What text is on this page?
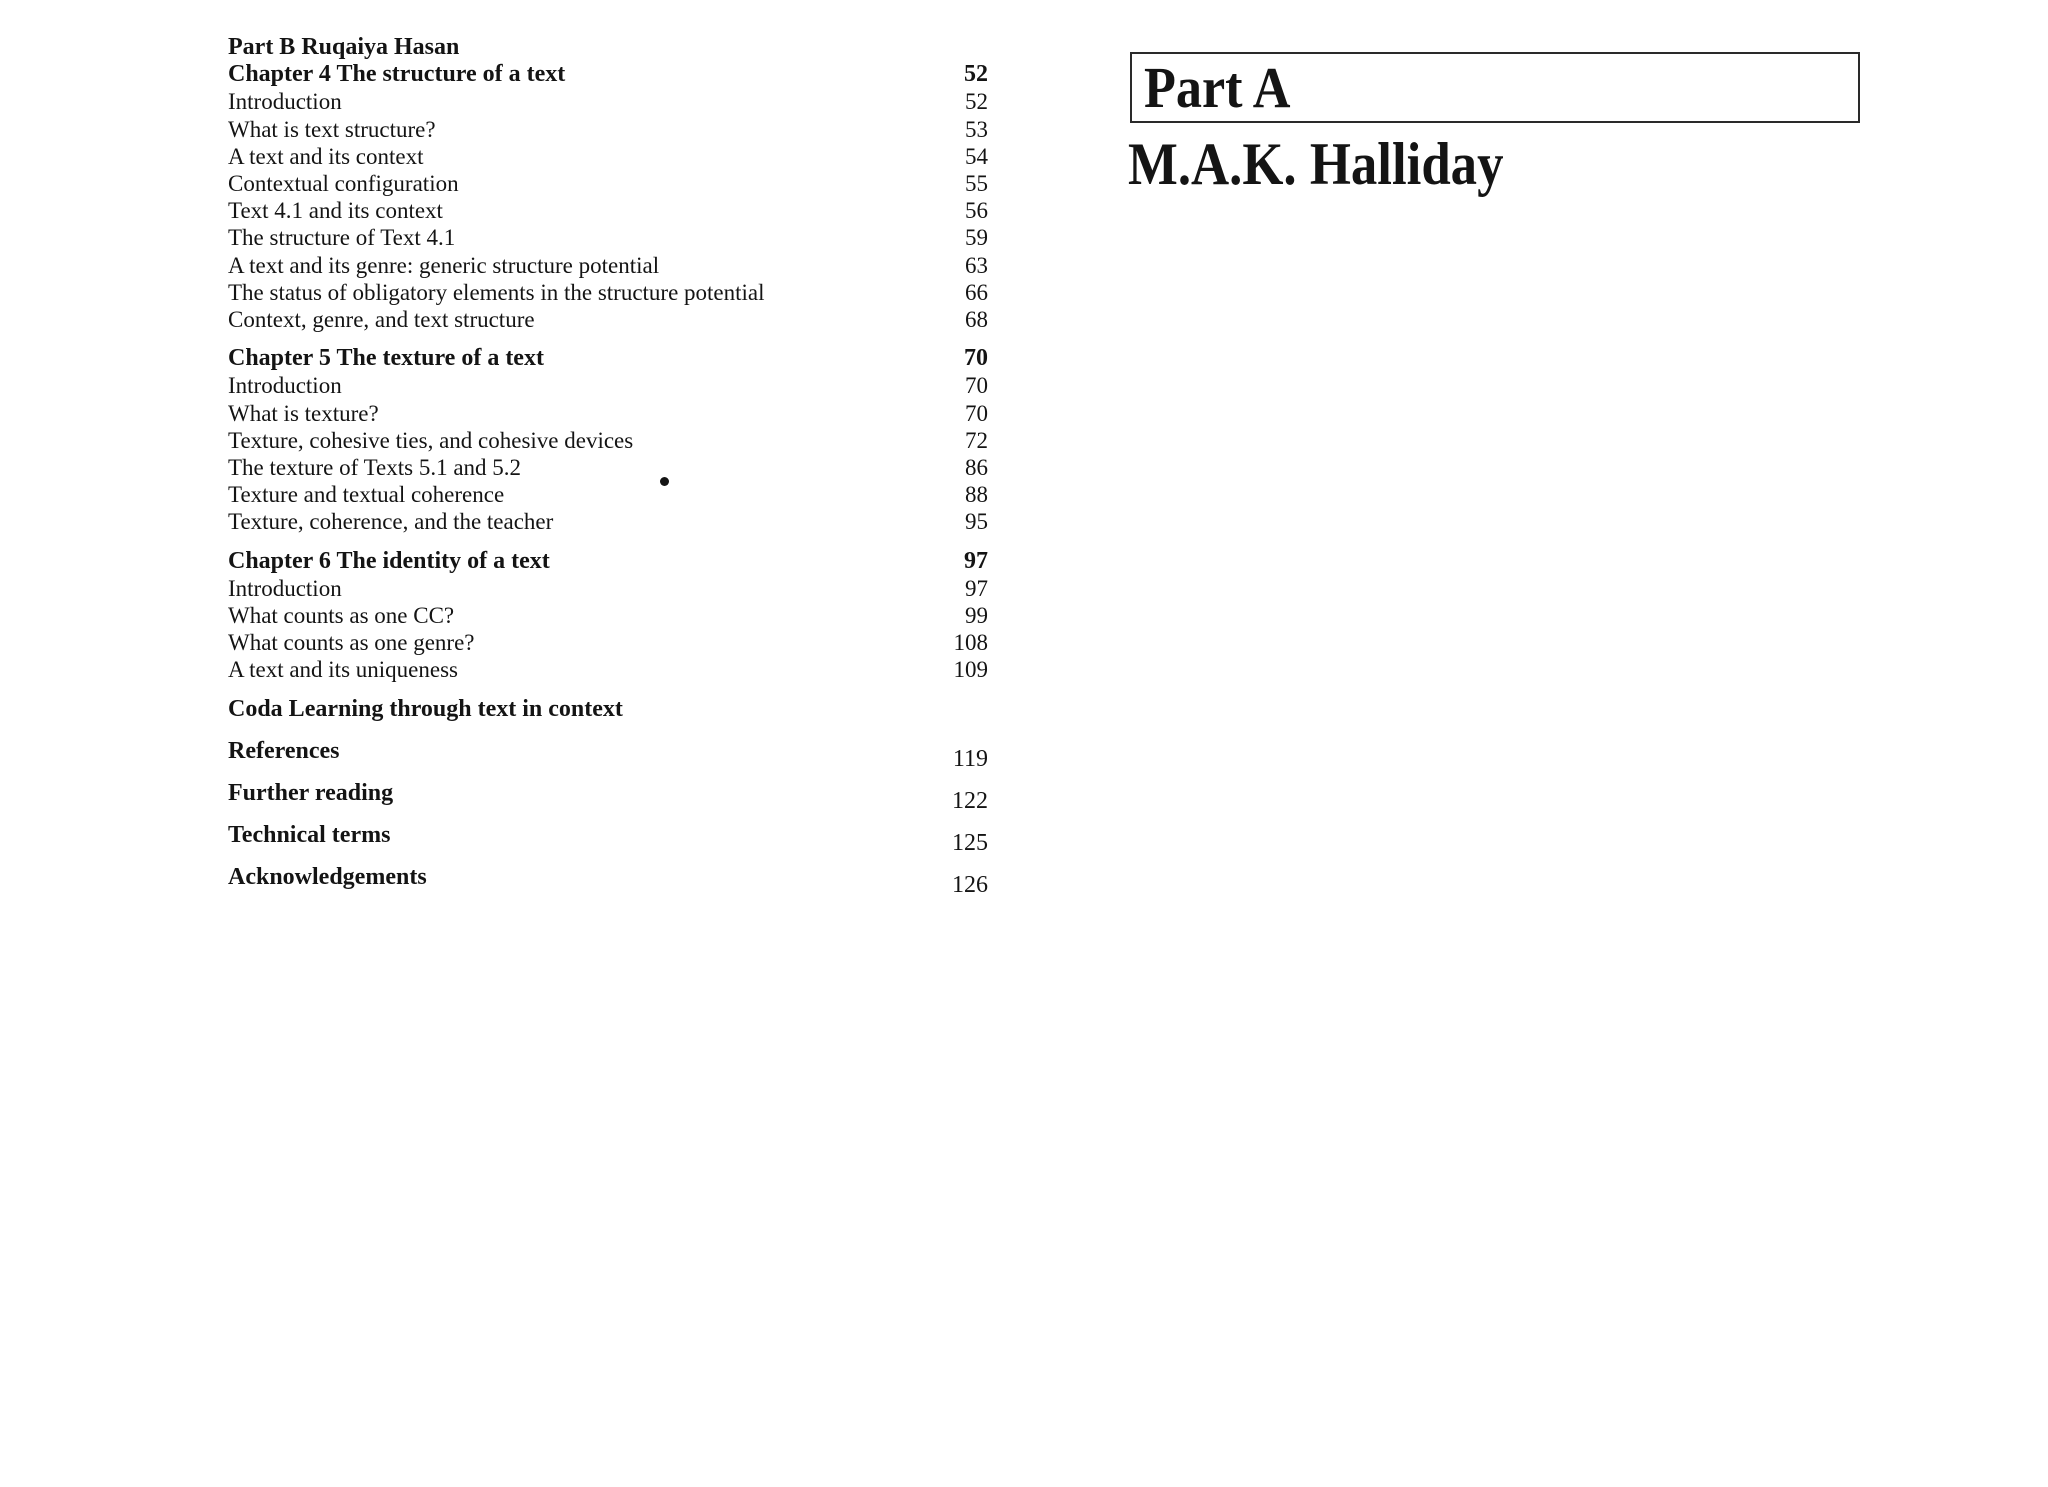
Part B Ruqaiya Hasan
Chapter 4 The structure of a text	52
Introduction	52
What is text structure?	53
A text and its context	54
Contextual configuration	55
Text 4.1 and its context	56
The structure of Text 4.1	59
A text and its genre: generic structure potential	63
The status of obligatory elements in the structure potential	66
Context, genre, and text structure	68
Chapter 5 The texture of a text	70
Introduction	70
What is texture?	70
Texture, cohesive ties, and cohesive devices	72
The texture of Texts 5.1 and 5.2	86
Texture and textual coherence	88
Texture, coherence, and the teacher	95
Chapter 6 The identity of a text	97
Introduction	97
What counts as one CC?	99
What counts as one genre?	108
A text and its uniqueness	109
Coda Learning through text in context
References	119
Further reading	122
Technical terms	125
Acknowledgements	126
Part A
M.A.K. Halliday
